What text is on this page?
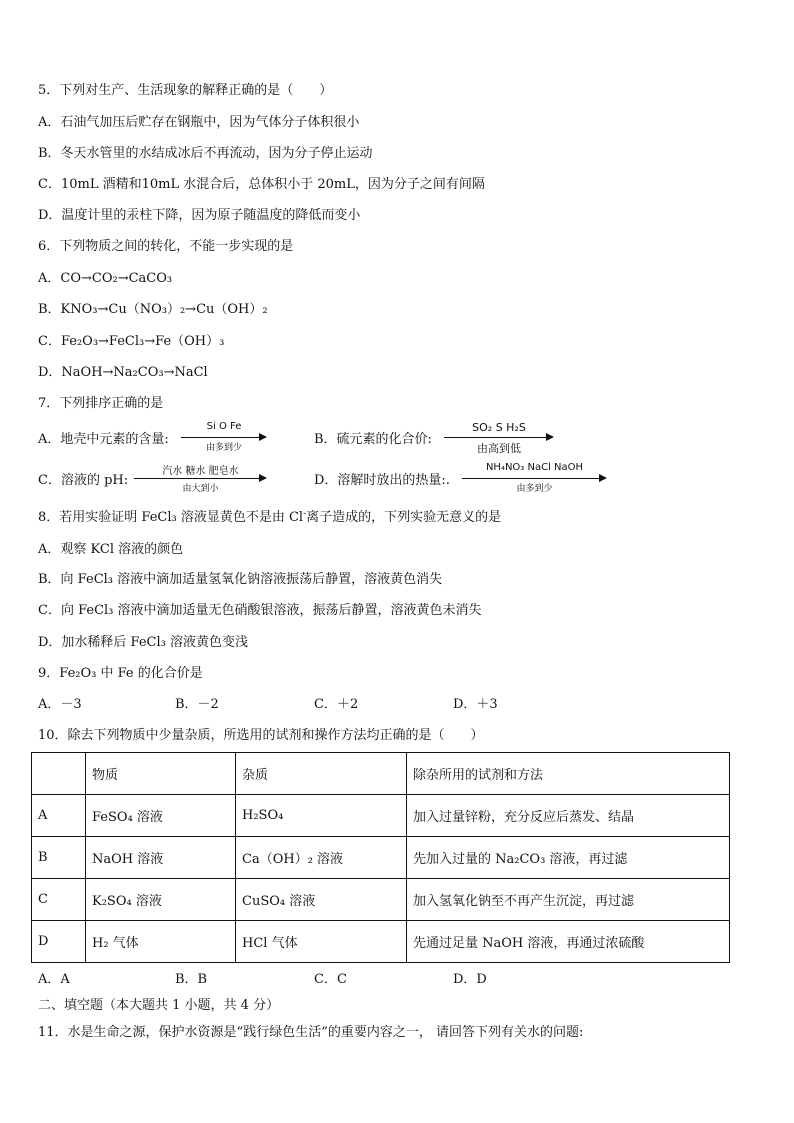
5．下列对生产、生活现象的解释正确的是（　　）
A．石油气加压后贮存在钢瓶中，因为气体分子体积很小
B．冬天水管里的水结成冰后不再流动，因为分子停止运动
C．10mL 酒精和10mL 水混合后，总体积小于 20mL，因为分子之间有间隔
D．温度计里的汞柱下降，因为原子随温度的降低而变小
6．下列物质之间的转化，不能一步实现的是
A．CO→CO₂→CaCO₃
B．KNO₃→Cu（NO₃）₂→Cu（OH）₂
C．Fe₂O₃→FeCl₃→Fe（OH）₃
D．NaOH→Na₂CO₃→NaCl
7．下列排序正确的是
A．地壳中元素的含量:
Si O Fe
由多到少
B．硫元素的化合价:
SO₂ S H₂S
由高到低
C．溶液的 pH:
汽水 糖水 肥皂水
由大到小
D．溶解时放出的热量:.
NH₄NO₃ NaCl NaOH
由多到少
8．若用实验证明 FeCl₃ 溶液显黄色不是由 Cl-离子造成的，下列实验无意义的是
A．观察 KCl 溶液的颜色
B．向 FeCl₃ 溶液中滴加适量氢氧化钠溶液振荡后静置，溶液黄色消失
C．向 FeCl₃ 溶液中滴加适量无色硝酸银溶液，振荡后静置，溶液黄色未消失
D．加水稀释后 FeCl₃ 溶液黄色变浅
9．Fe₂O₃ 中 Fe 的化合价是
A．－3	B．－2	C．＋2	D．＋3
10．除去下列物质中少量杂质，所选用的试剂和操作方法均正确的是（　　）
	物质	杂质	除杂所用的试剂和方法
A	FeSO₄ 溶液	H₂SO₄	加入过量锌粉，充分反应后蒸发、结晶
B	NaOH 溶液	Ca（OH）₂ 溶液	先加入过量的 Na₂CO₃ 溶液，再过滤
C	K₂SO₄ 溶液	CuSO₄ 溶液	加入氢氧化钠至不再产生沉淀，再过滤
D	H₂ 气体	HCl 气体	先通过足量 NaOH 溶液，再通过浓硫酸
A．A	B．B	C．C	D．D
二、填空题（本大题共 1 小题，共 4 分）
11．水是生命之源，保护水资源是“践行绿色生活”的重要内容之一， 请回答下列有关水的问题:
